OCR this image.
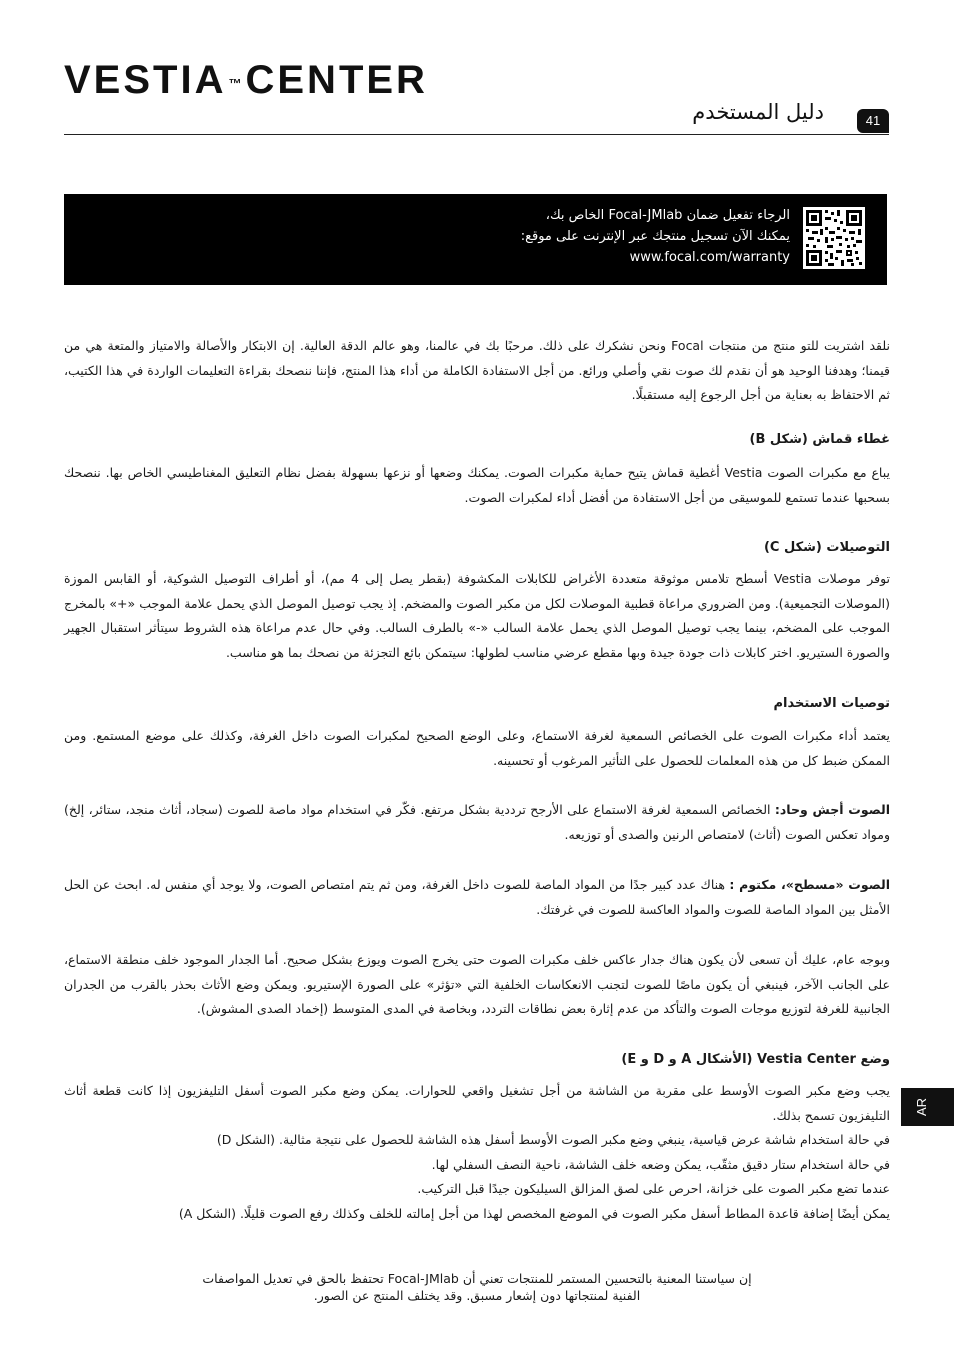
VESTIA ™ CENTER
دليل المستخدم	41
الرجاء تفعيل ضمان Focal-JMlab الخاص بك،
يمكنك الآن تسجيل منتجك عبر الإنترنت على موقع:
www.focal.com/warranty
نلقد اشتريت للتو منتج من منتجات Focal ونحن نشكرك على ذلك. مرحبًا بك في عالمنا، وهو عالم الدقة العالية. إن الابتكار والأصالة والامتياز والمتعة هي من قيمنا؛ وهدفنا الوحيد هو أن نقدم لك صوت نقي وأصلي ورائع. من أجل الاستفادة الكاملة من أداء هذا المنتج، فإننا ننصحك بقراءة التعليمات الواردة في هذا الكتيب، ثم الاحتفاظ به بعناية من أجل الرجوع إليه مستقبلًا.
غطاء قماش (شكل B)
يباع مع مكبرات الصوت Vestia أغطية قماش يتيح حماية مكبرات الصوت. يمكنك وضعها أو نزعها بسهولة بفضل نظام التعليق المغناطيسي الخاص بها. ننصحك بسحبها عندما تستمع للموسيقى من أجل الاستفادة من أفضل أداء لمكبرات الصوت.
التوصيلات (شكل C)
توفر موصلات Vestia أسطح تلامس موثوقة متعددة الأغراض للكابلات المكشوفة (بقطر يصل إلى 4 مم)، أو أطراف التوصيل الشوكية، أو القابس الموزة (الموصلات التجميعية). ومن الضروري مراعاة قطبية الموصلات لكل من مكبر الصوت والمضخم. إذ يجب توصيل الموصل الذي يحمل علامة الموجب «+» بالمخرج الموجب على المضخم، بينما يجب توصيل الموصل الذي يحمل علامة السالب «-» بالطرف السالب. وفي حال عدم مراعاة هذه الشروط سيتأثر استقبال الجهير والصورة الستيريو. اختر كابلات ذات جودة جيدة وبها مقطع عرضي مناسب لطولها: سيتمكن بائع التجزئة من نصحك بما هو مناسب.
توصيات الاستخدام
يعتمد أداء مكبرات الصوت على الخصائص السمعية لغرفة الاستماع، وعلى الوضع الصحيح لمكبرات الصوت داخل الغرفة، وكذلك على موضع المستمع. ومن الممكن ضبط كل من هذه المعلمات للحصول على التأثير المرغوب أو تحسينه.
الصوت أجش وحاد: الخصائص السمعية لغرفة الاستماع على الأرجح ترددية بشكل مرتفع. فكّر في استخدام مواد ماصة للصوت (سجاد، أثاث منجد، ستائر، إلخ) ومواد تعكس الصوت (أثاث) لامتصاص الرنين والصدى أو توزيعه.
الصوت «مسطح»، مكتوم : هناك عدد كبير جدًا من المواد الماصة للصوت داخل الغرفة، ومن ثم يتم امتصاص الصوت، ولا يوجد أي منفس له. ابحث عن الحل الأمثل بين المواد الماصة للصوت والمواد العاكسة للصوت في غرفتك.
وبوجه عام، عليك أن تسعى لأن يكون هناك جدار عاكس خلف مكبرات الصوت حتى يخرج الصوت ويوزع بشكل صحيح. أما الجدار الموجود خلف منطقة الاستماع، على الجانب الآخر، فينبغي أن يكون ماصًا للصوت لتجنب الانعكاسات الخلفية التي «تؤثر» على الصورة الإستيريو. ويمكن وضع الأثاث بحذر بالقرب من الجدران الجانبية للغرفة لتوزيع موجات الصوت والتأكد من عدم إثارة بعض نطاقات التردد، وبخاصة في المدى المتوسط (إخماد الصدى المشوش).
وضع Vestia Center (الأشكال A و D و E)
يجب وضع مكبر الصوت الأوسط على مقربة من الشاشة من أجل تشغيل واقعي للحوارات. يمكن وضع مكبر الصوت أسفل التليفزيون إذا كانت قطعة أثاث التليفزيون تسمح بذلك.
في حالة استخدام شاشة عرض قياسية، ينبغي وضع مكبر الصوت الأوسط أسفل هذه الشاشة للحصول على نتيجة مثالية. (الشكل D)
في حالة استخدام ستار دقيق مثقّب، يمكن وضعه خلف الشاشة، ناحية النصف السفلي لها.
عندما تضع مكبر الصوت على خزانة، احرص على لصق المزالق السيليكون جيدًا قبل التركيب.
يمكن أيضًا إضافة قاعدة المطاط أسفل مكبر الصوت في الموضع المخصص لهذا من أجل إمالته للخلف وكذلك رفع الصوت قليلًا. (الشكل A)
AR
إن سياستنا المعنية بالتحسين المستمر للمنتجات تعني أن Focal-JMlab تحتفظ بالحق في تعديل المواصفات
الفنية لمنتجاتها دون إشعار مسبق. وقد يختلف المنتج عن الصور.
